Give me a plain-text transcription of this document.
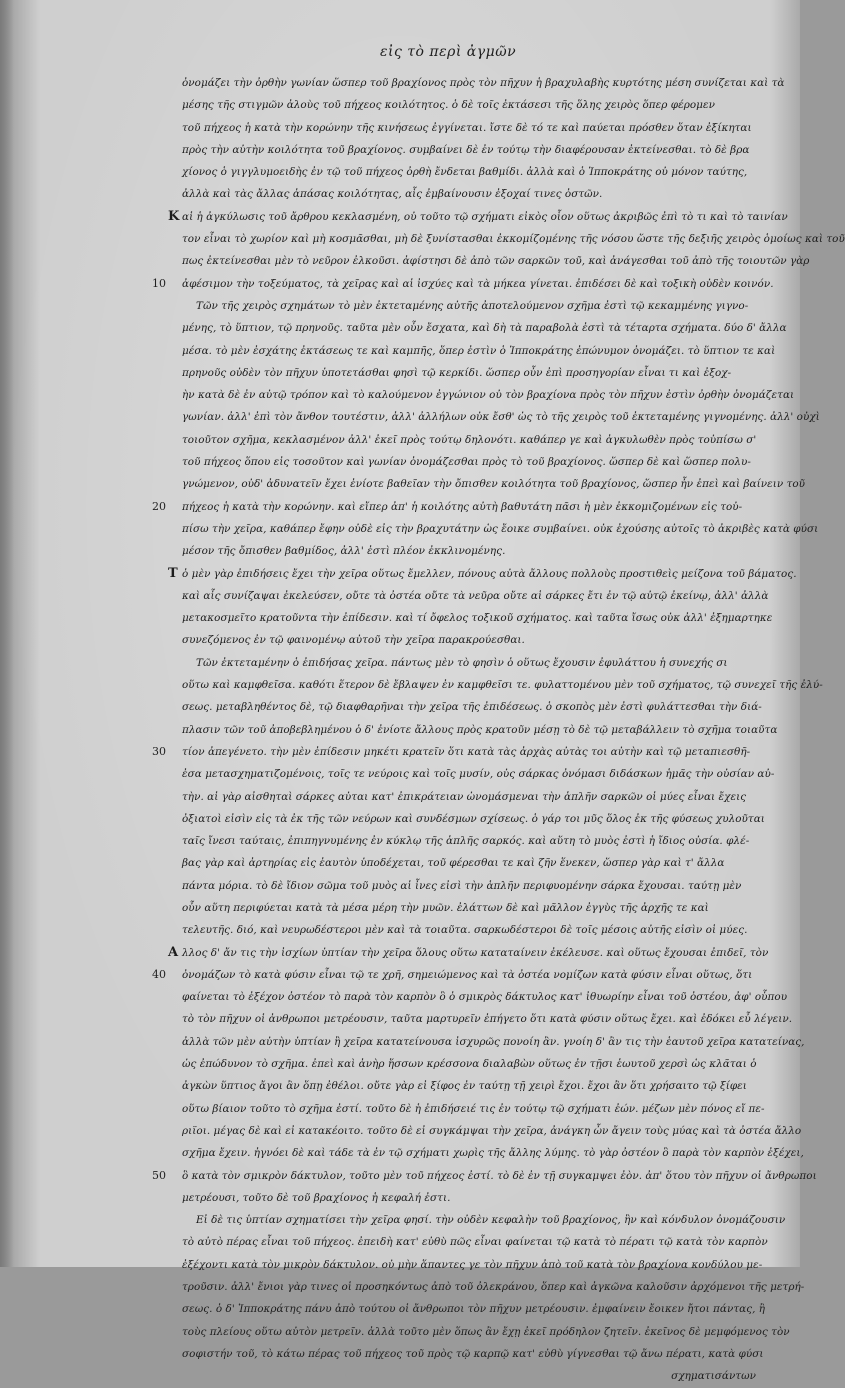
εἰς τὸ περὶ ἀγμῶν
ὀνομάζει τὴν ὀρθὴν γωνίαν ὥσπερ τοῦ βραχίονος πρὸς τὸν πῆχυν ἡ βραχυλαβὴς κυρτότης μέση συνίζεται καὶ τὰ
μέσης τῆς στιγμῶν ἀλοὺς τοῦ πήχεος κοιλότητος. ὁ δὲ τοῖς ἐκτάσεσι τῆς ὅλης χειρὸς ὅπερ φέρομεν
τοῦ πήχεος ἡ κατὰ τὴν κορώνην τῆς κινήσεως ἐγγίνεται. ἴστε δὲ τό τε καὶ παύεται πρόσθεν ὅταν ἐξίκηται
πρὸς τὴν αὐτὴν κοιλότητα τοῦ βραχίονος. συμβαίνει δὲ ἐν τούτῳ τὴν διαφέρουσαν ἐκτείνεσθαι. τὸ δὲ βρα
χίονος ὁ γιγγλυμοειδὴς ἐν τῷ τοῦ πήχεος ὀρθὴ ἔνδεται βαθμίδι. ἀλλὰ καὶ ὁ Ἱπποκράτης οὐ μόνον ταύτης,
ἀλλὰ καὶ τὰς ἄλλας ἁπάσας κοιλότητας, αἷς ἐμβαίνουσιν ἐξοχαί τινες ὀστῶν.
Κ αἱ ἡ ἀγκύλωσις τοῦ ἄρθρου κεκλασμένη, οὐ τοῦτο τῷ σχήματι εἰκὸς οἷον οὕτως ἀκριβῶς ἐπὶ τὸ τι καὶ τὸ ταινίαν
τον εἶναι τὸ χωρίον καὶ μὴ κοσμᾶσθαι, μὴ δὲ ξυνίστασθαι ἐκκομίζομένης τῆς νόσου ὥστε τῆς δεξιῆς χειρὸς ὁμοίως καὶ τοῦ
πως ἐκτείνεσθαι μὲν τὸ νεῦρον ἐλκοῦσι. ἀφίστησι δὲ ἀπὸ τῶν σαρκῶν τοῦ, καὶ ἀνάγεσθαι τοῦ ἀπὸ τῆς τοιουτῶν γὰρ
10 ἀφέσιμον τὴν τοξεύματος, τὰ χεῖρας καὶ αἱ ἰσχύες καὶ τὰ μήκεα γίνεται. ἐπιδέσει δὲ καὶ τοξικὴ οὐδὲν κοινόν.
Τῶν τῆς χειρὸς σχημάτων τὸ μὲν ἐκτεταμένης αὐτῆς ἀποτελούμενον σχῆμα ἐστὶ τῷ κεκαμμένης γιγνο-
μένης, τὸ ὕπτιον, τῷ πρηνοῦς. ταῦτα μὲν οὖν ἔσχατα, καὶ δὴ τὰ παραβολὰ ἐστὶ τὰ τέταρτα σχήματα. δύο δ' ἄλλα
μέσα. τὸ μὲν ἐσχάτης ἐκτάσεως τε καὶ καμπῆς, ὅπερ ἐστὶν ὁ Ἱπποκράτης ἐπώνυμον ὀνομάζει. τὸ ὕπτιον τε καὶ
πρηνοῦς οὐδὲν τὸν πῆχυν ὑποτετάσθαι φησὶ τῷ κερκίδι. ὥσπερ οὖν ἐπὶ προσηγορίαν εἶναι τι καὶ ἐξοχ-
ὴν κατὰ δὲ ἐν αὐτῷ τρόπον καὶ τὸ καλούμενον ἐγγώνιον οὐ τὸν βραχίονα πρὸς τὸν πῆχυν ἐστὶν ὀρθὴν ὀνομάζεται
γωνίαν. ἀλλ' ἐπὶ τὸν ἄνθον τουτέστιν, ἀλλ' ἀλλήλων οὐκ ἔσθ' ὡς τὸ τῆς χειρὸς τοῦ ἐκτεταμένης γιγνομένης. ἀλλ' οὐχὶ
τοιοῦτον σχῆμα, κεκλασμένον ἀλλ' ἐκεῖ πρὸς τούτῳ δηλονότι. καθάπερ γε καὶ ἀγκυλωθὲν πρὸς τοὐπίσω σ'
τοῦ πήχεος ὅπου εἰς τοσοῦτον καὶ γωνίαν ὀνομάζεσθαι πρὸς τὸ τοῦ βραχίονος. ὥσπερ δὲ καὶ ὥσπερ πολυ-
γνώμενον, οὐδ' ἀδυνατεῖν ἔχει ἐνίοτε βαθεῖαν τὴν ὄπισθεν κοιλότητα τοῦ βραχίονος, ὥσπερ ἦν ἐπεὶ καὶ βαίνειν τοῦ
20 πήχεος ἡ κατὰ τὴν κορώνην. καὶ εἴπερ ἀπ' ἡ κοιλότης αὐτὴ βαθυτάτη πᾶσι ἡ μὲν ἐκκομιζομένων εἰς τοὐ-
πίσω τὴν χεῖρα, καθάπερ ἔφην οὐδὲ εἰς τὴν βραχυτάτην ὡς ἔοικε συμβαίνει. οὐκ ἐχούσης αὐτοῖς τὸ ἀκριβὲς κατὰ φύσι
μέσον τῆς ὄπισθεν βαθμίδος, ἀλλ' ἐστὶ πλέον ἐκκλινομένης.
Τ ὁ μὲν γὰρ ἐπιδήσεις ἔχει τὴν χεῖρα οὕτως ἔμελλεν, πόνους αὐτὰ ἄλλους πολλοὺς προστιθεὶς μείζονα τοῦ βάματος.
καὶ αἷς συνίζαψαι ἐκελεύσεν, οὔτε τὰ ὀστέα οὔτε τὰ νεῦρα οὔτε αἱ σάρκες ἔτι ἐν τῷ αὐτῷ ἐκείνῳ, ἀλλ' ἀλλὰ
μετακοσμεῖτο κρατοῦντα τὴν ἐπίδεσιν. καὶ τί ὄφελος τοξικοῦ σχήματος. καὶ ταῦτα ἴσως οὐκ ἀλλ' ἐξημαρτηκε
συνεζόμενος ἐν τῷ φαινομένῳ αὐτοῦ τὴν χεῖρα παρακρούεσθαι.
Τῶν ἐκτεταμένην ὁ ἐπιδήσας χεῖρα. πάντως μὲν τὸ φησὶν ὁ οὕτως ἔχουσιν ἐφυλάττου ἡ συνεχής σι
οὕτω καὶ καμφθεῖσα. καθότι ἕτερον δὲ ἔβλαψεν ἐν καμφθεῖσι τε. φυλαττομένου μὲν τοῦ σχήματος, τῷ συνεχεῖ τῆς ἐλύ-
σεως. μεταβληθέντος δὲ, τῷ διαφθαρῆναι τὴν χεῖρα τῆς ἐπιδέσεως. ὁ σκοπὸς μὲν ἐστὶ φυλάττεσθαι τὴν διά-
πλασιν τῶν τοῦ ἀποβεβλημένου ὁ δ' ἐνίοτε ἄλλους πρὸς κρατοῦν μέσῃ τὸ δὲ τῷ μεταβάλλειν τὸ σχῆμα τοιαῦτα
30 τίον ἀπεγένετο. τὴν μὲν ἐπίδεσιν μηκέτι κρατεῖν ὅτι κατὰ τὰς ἀρχὰς αὐτὰς τοι αὐτὴν καὶ τῷ μεταπιεσθῆ-
ἐσα μετασχηματιζομένοις, τοῖς τε νεύροις καὶ τοῖς μυσίν, οὐς σάρκας ὀνόμασι διδάσκων ἡμᾶς τὴν οὐσίαν αὐ-
τὴν. αἱ γὰρ αἰσθηταὶ σάρκες αὐται κατ' ἐπικράτειαν ὠνομάσμεναι τὴν ἁπλῆν σαρκῶν οἱ μύες εἶναι ἔχεις
ὀξιατοὶ εἰσὶν εἰς τὰ ἐκ τῆς τῶν νεύρων καὶ συνδέσμων σχίσεως. ὁ γάρ τοι μῦς ὅλος ἐκ τῆς φύσεως χυλοῦται
ταῖς ἴνεσι ταύταις, ἐπιπηγνυμένης ἐν κύκλῳ τῆς ἁπλῆς σαρκός. καὶ αὕτη τὸ μυὸς ἐστὶ ἡ ἴδιος οὐσία. φλέ-
βας γὰρ καὶ ἀρτηρίας εἰς ἑαυτὸν ὑποδέχεται, τοῦ φέρεσθαι τε καὶ ζῆν ἕνεκεν, ὥσπερ γὰρ καὶ τ' ἄλλα
πάντα μόρια. τὸ δὲ ἴδιον σῶμα τοῦ μυὸς αἱ ἶνες εἰσὶ τὴν ἁπλῆν περιφυομένην σάρκα ἔχουσαι. ταύτῃ μὲν
οὖν αὕτη περιφύεται κατὰ τὰ μέσα μέρη τὴν μυῶν. ἐλάττων δὲ καὶ μᾶλλον ἐγγὺς τῆς ἀρχῆς τε καὶ
τελευτῆς. διό, καὶ νευρωδέστεροι μὲν καὶ τὰ τοιαῦτα. σαρκωδέστεροι δὲ τοῖς μέσοις αὐτῆς εἰσὶν οἱ μύες.
Α λλος δ' ἄν τις τὴν ἰσχίων ὑπτίαν τὴν χεῖρα ὅλους οὕτω καταταίνειν ἐκέλευσε. καὶ οὕτως ἔχουσαι ἐπιδεῖ, τὸν
40 ὀνομάζων τὸ κατὰ φύσιν εἶναι τῷ τε χρῆ, σημειώμενος καὶ τὰ ὀστέα νομίζων κατὰ φύσιν εἶναι οὕτως, ὅτι
φαίνεται τὸ ἐξέχον ὀστέον τὸ παρὰ τὸν καρπὸν ὃ ὁ σμικρὸς δάκτυλος κατ' ἰθυωρίην εἶναι τοῦ ὀστέου, ἀφ' οὗπου
τὸ τὸν πῆχυν οἱ ἀνθρωποι μετρέουσιν, ταῦτα μαρτυρεῖν ἐπήγετο ὅτι κατὰ φύσιν οὕτως ἔχει. καὶ ἐδόκει εὖ λέγειν.
ἀλλὰ τῶν μὲν αὐτὴν ὑπτίαν ἢ χεῖρα κατατείνουσα ἰσχυρῶς πονοίη ἂν. γνοίη δ' ἂν τις τὴν ἑαυτοῦ χεῖρα κατατείνας,
ὡς ἐπώδυνον τὸ σχῆμα. ἐπεὶ καὶ ἀνὴρ ἥσσων κρέσσονα διαλαβὼν οὕτως ἐν τῇσι ἑωυτοῦ χερσὶ ὡς κλᾶται ὁ
ἀγκὼν ὕπτιος ἄγοι ἂν ὅπῃ ἐθέλοι. οὔτε γὰρ εἰ ξίφος ἐν ταύτῃ τῇ χειρὶ ἔχοι. ἔχοι ἂν ὅτι χρήσαιτο τῷ ξίφει
οὕτω βίαιον τοῦτο τὸ σχῆμα ἐστί. τοῦτο δὲ ἡ ἐπιδήσειέ τις ἐν τούτῳ τῷ σχήματι ἐών. μέζων μὲν πόνος εἴ πε-
ριϊοι. μέγας δὲ καὶ εἰ κατακέοιτο. τοῦτο δὲ εἰ συγκάμψαι τὴν χεῖρα, ἀνάγκη ὦν ἄγειν τοὺς μύας καὶ τὰ ὀστέα ἄλλο
σχῆμα ἔχειν. ἠγνόει δὲ καὶ τάδε τὰ ἐν τῷ σχήματι χωρὶς τῆς ἄλλης λύμης. τὸ γὰρ ὀστέον ὃ παρὰ τὸν καρπὸν ἐξέχει,
50 ὃ κατὰ τὸν σμικρὸν δάκτυλον, τοῦτο μὲν τοῦ πήχεος ἐστί. τὸ δὲ ἐν τῇ συγκαμψει ἐὸν. ἀπ' ὅτου τὸν πῆχυν οἱ ἄνθρωποι
μετρέουσι, τοῦτο δὲ τοῦ βραχίονος ἡ κεφαλή ἐστι.
Εἰ δὲ τις ὑπτίαν σχηματίσει τὴν χεῖρα φησί. τὴν οὐδὲν κεφαλὴν τοῦ βραχίονος, ἣν καὶ κόνδυλον ὀνομάζουσιν
τὸ αὐτὸ πέρας εἶναι τοῦ πήχεος. ἐπειδὴ κατ' εὐθὺ πῶς εἶναι φαίνεται τῷ κατὰ τὸ πέρατι τῷ κατὰ τὸν καρπὸν
ἐξέχοντι κατὰ τὸν μικρὸν δάκτυλον. οὐ μὴν ἅπαντες γε τὸν πῆχυν ἀπὸ τοῦ κατὰ τὸν βραχίονα κονδύλου με-
τροῦσιν. ἀλλ' ἔνιοι γὰρ τινες οἱ προσηκόντως ἀπὸ τοῦ ὀλεκράνου, ὅπερ καὶ ἀγκῶνα καλοῦσιν ἀρχόμενοι τῆς μετρή-
σεως. ὁ δ' Ἱπποκράτης πάνυ ἀπὸ τούτου οἱ ἄνθρωποι τὸν πῆχυν μετρέουσιν. ἐμφαίνειν ἔοικεν ἤτοι πάντας, ἢ
τοὺς πλείους οὕτω αὐτὸν μετρεῖν. ἀλλὰ τοῦτο μὲν ὅπως ἂν ἔχῃ ἐκεῖ πρόδηλον ζητεῖν. ἐκεῖνος δὲ μεμφόμενος τὸν
σοφιστήν τοῦ, τὸ κάτω πέρας τοῦ πήχεος τοῦ πρὸς τῷ καρπῷ κατ' εὐθὺ γίγνεσθαι τῷ ἄνω πέρατι, κατὰ φύσι
σχηματισάντων
